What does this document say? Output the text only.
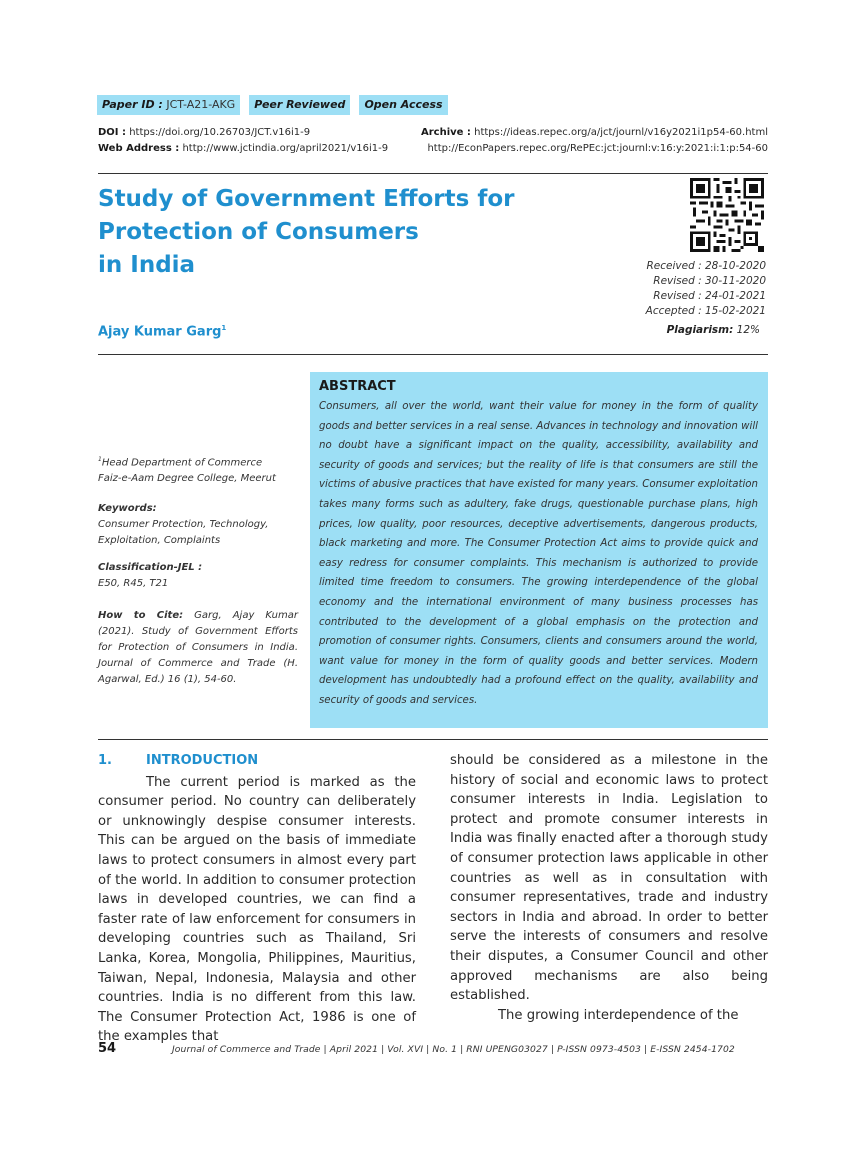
Paper ID : JCT-A21-AKG	Peer Reviewed	Open Access
DOI : https://doi.org/10.26703/JCT.v16i1-9
Web Address : http://www.jctindia.org/april2021/v16i1-9
Archive : https://ideas.repec.org/a/jct/journl/v16y2021i1p54-60.html
http://EconPapers.repec.org/RePEc:jct:journl:v:16:y:2021:i:1:p:54-60
Study of Government Efforts for
Protection of Consumers
in India	Received : 28-10-2020
Revised : 30-11-2020
Revised : 24-01-2021
Accepted : 15-02-2021
Plagiarism: 12%
Ajay Kumar Garg$^1$
$^1$Head Department of Commerce
Faiz-e-Aam Degree College, Meerut
Keywords:
Consumer Protection, Technology, Exploitation, Complaints
Classification-JEL :
E50, R45, T21
How to Cite: Garg, Ajay Kumar (2021). Study of Government Efforts for Protection of Consumers in India. Journal of Commerce and Trade (H. Agarwal, Ed.) 16 (1), 54-60.
ABSTRACT

Consumers, all over the world, want their value for money in the form of quality goods and better services in a real sense. Advances in technology and innovation will no doubt have a significant impact on the quality, accessibility, availability and security of goods and services; but the reality of life is that consumers are still the victims of abusive practices that have existed for many years. Consumer exploitation takes many forms such as adultery, fake drugs, questionable purchase plans, high prices, low quality, poor resources, deceptive advertisements, dangerous products, black marketing and more. The Consumer Protection Act aims to provide quick and easy redress for consumer complaints. This mechanism is authorized to provide limited time freedom to consumers. The growing interdependence of the global economy and the international environment of many business processes has contributed to the development of a global emphasis on the protection and promotion of consumer rights. Consumers, clients and consumers around the world, want value for money in the form of quality goods and better services. Modern development has undoubtedly had a profound effect on the quality, availability and security of goods and services.

1.	INTRODUCTION

The current period is marked as the consumer period. No country can deliberately or unknowingly despise consumer interests. This can be argued on the basis of immediate laws to protect consumers in almost every part of the world. In addition to consumer protection laws in developed countries, we can find a faster rate of law enforcement for consumers in developing countries such as Thailand, Sri Lanka, Korea, Mongolia, Philippines, Mauritius, Taiwan, Nepal, Indonesia, Malaysia and other countries. India is no different from this law. The Consumer Protection Act, 1986 is one of the examples that

should be considered as a milestone in the history of social and economic laws to protect consumer interests in India. Legislation to protect and promote consumer interests in India was finally enacted after a thorough study of consumer protection laws applicable in other countries as well as in consultation with consumer representatives, trade and industry sectors in India and abroad. In order to better serve the interests of consumers and resolve their disputes, a Consumer Council and other approved mechanisms are also being established.

The growing interdependence of the

54	Journal of Commerce and Trade | April 2021 | Vol. XVI | No. 1 | RNI UPENG03027 | P-ISSN 0973-4503 | E-ISSN 2454-1702
